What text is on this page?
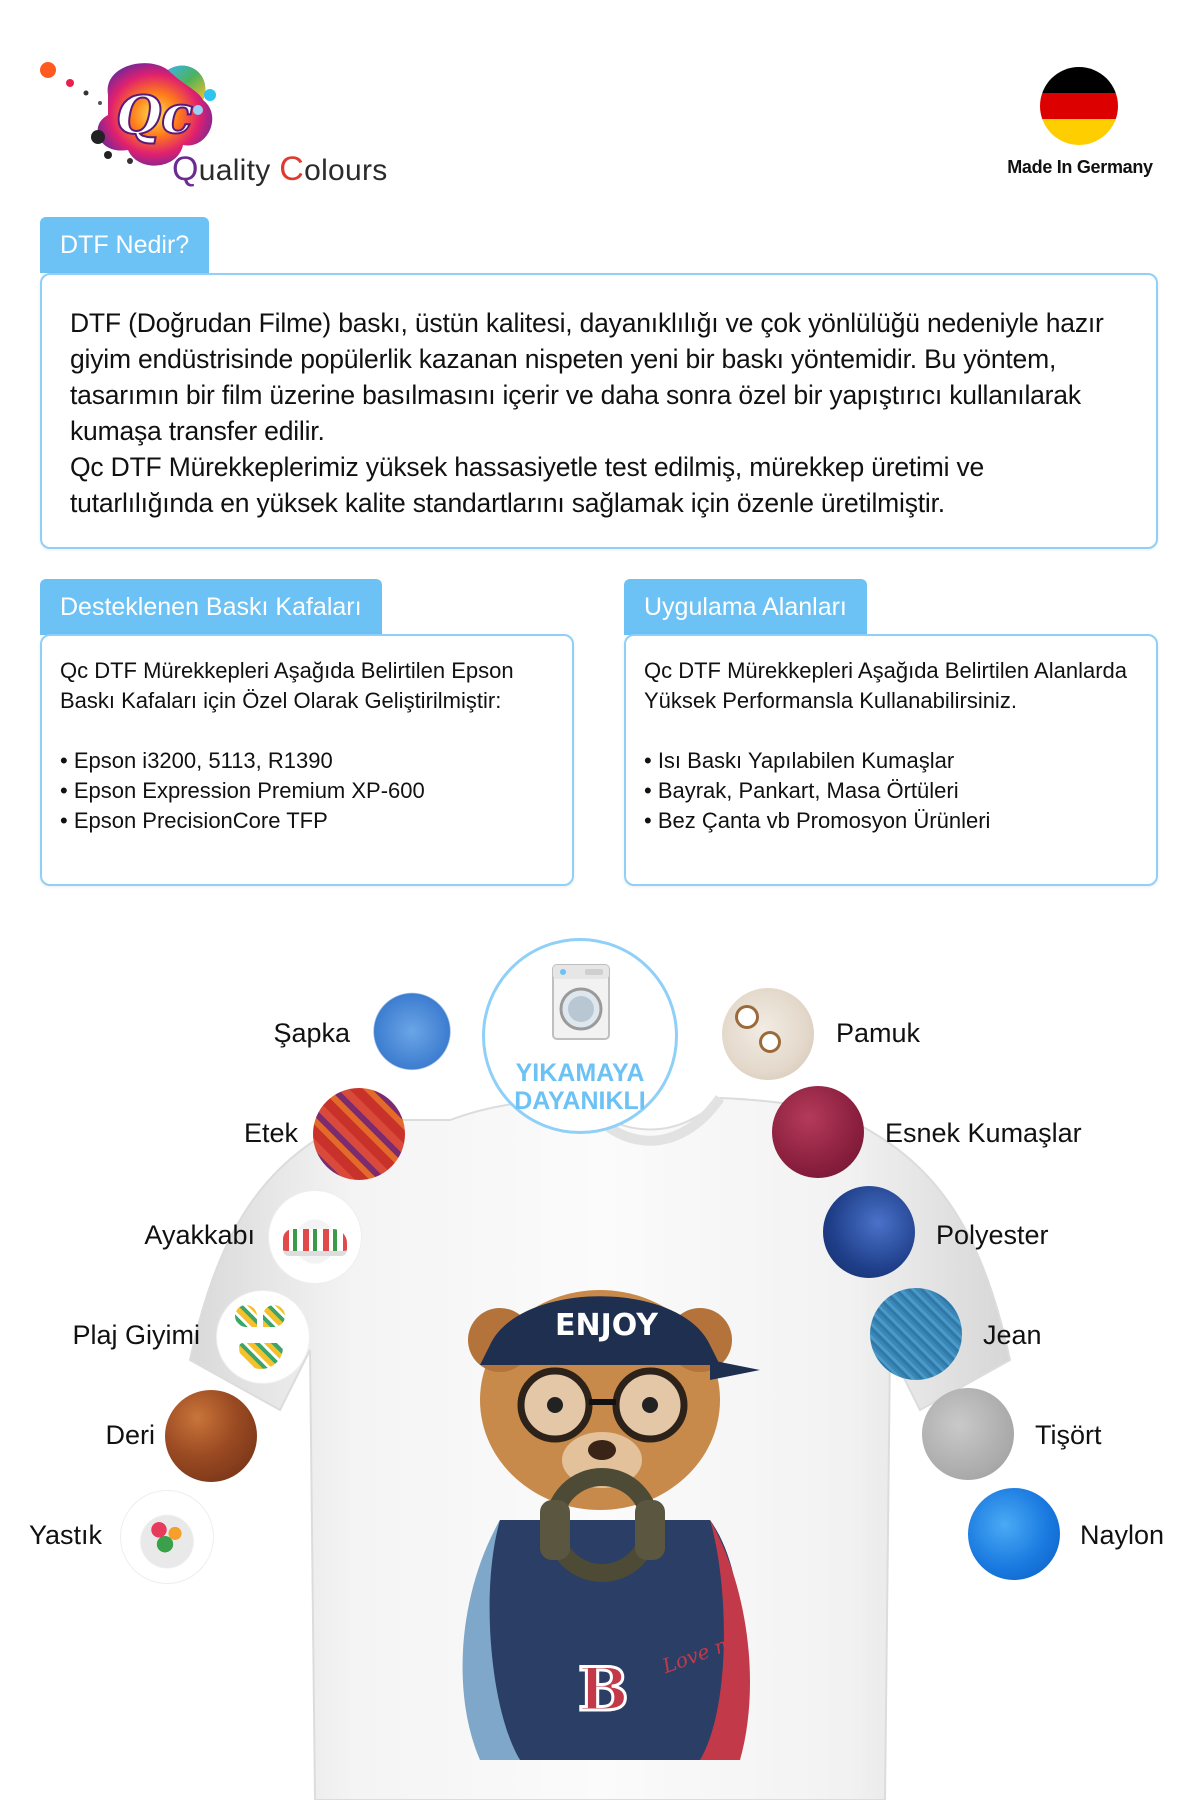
Qc
Quality Colours	Made In Germany
DTF Nedir?
DTF (Doğrudan Filme) baskı, üstün kalitesi, dayanıklılığı ve çok yönlülüğü nedeniyle hazır giyim endüstrisinde popülerlik kazanan nispeten yeni bir baskı yöntemidir. Bu yöntem, tasarımın bir film üzerine basılmasını içerir ve daha sonra özel bir yapıştırıcı kullanılarak kumaşa transfer edilir.
Qc DTF Mürekkeplerimiz yüksek hassasiyetle test edilmiş, mürekkep üretimi ve tutarlılığında en yüksek kalite standartlarını sağlamak için özenle üretilmiştir.
Desteklenen Baskı Kafaları
Qc DTF Mürekkepleri Aşağıda Belirtilen Epson Baskı Kafaları için Özel Olarak Geliştirilmiştir:
• Epson i3200, 5113, R1390
• Epson Expression Premium XP-600
• Epson PrecisionCore TFP
Uygulama Alanları
Qc DTF Mürekkepleri Aşağıda Belirtilen Alanlarda Yüksek Performansla Kullanabilirsiniz.
• Isı Baskı Yapılabilen Kumaşlar
• Bayrak, Pankart, Masa Örtüleri
• Bez Çanta vb Promosyon Ürünleri
ENJOY
B
Love me
YIKAMAYA
DAYANIKLI
Şapka
Etek
Ayakkabı
Plaj Giyimi
Deri
Yastık
Pamuk
Esnek Kumaşlar
Polyester
Jean
Tişört
Naylon
